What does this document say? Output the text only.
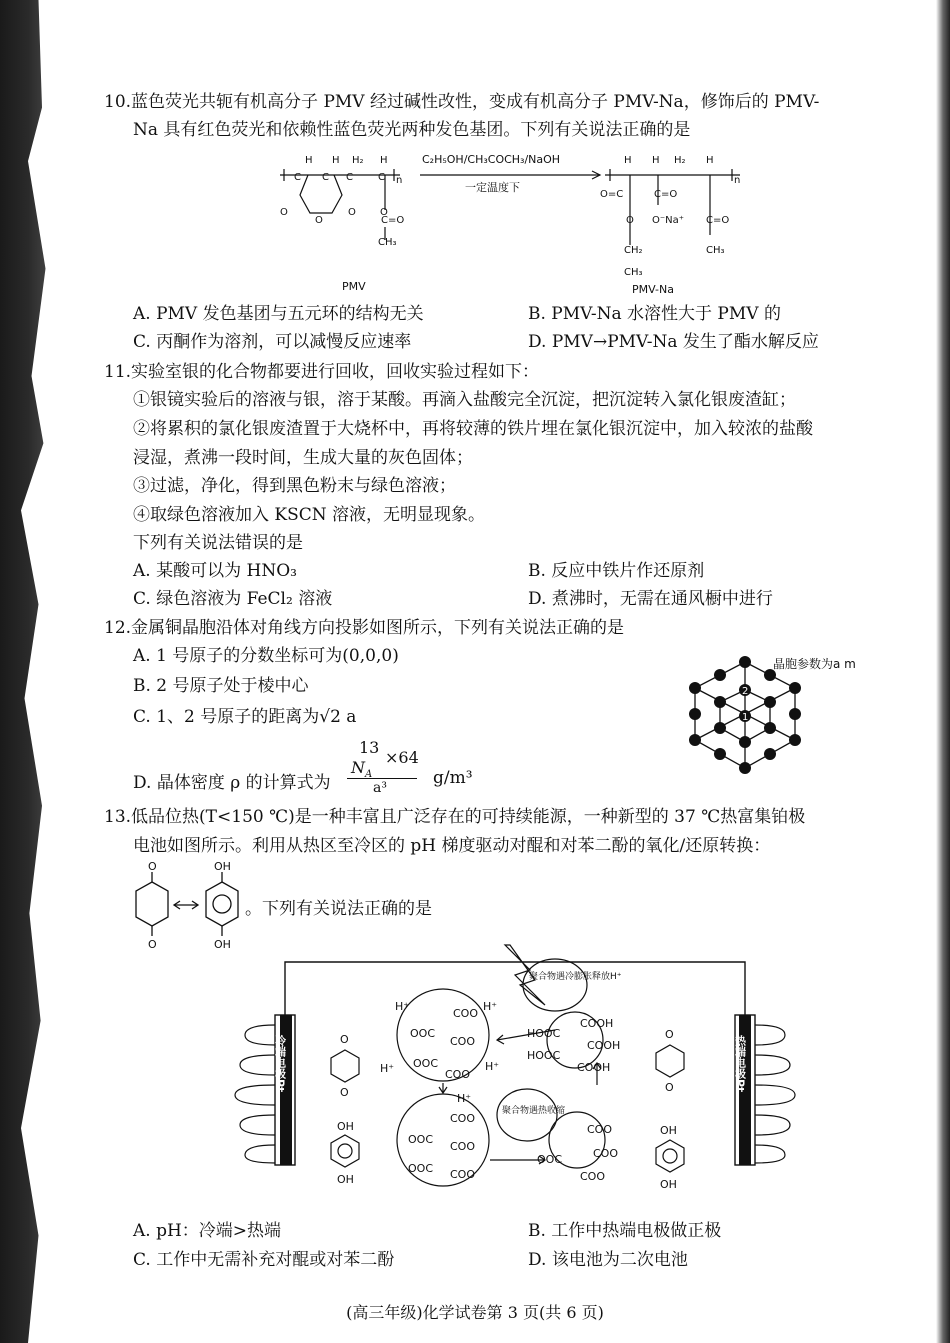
10.蓝色荧光共轭有机高分子 PMV 经过碱性改性，变成有机高分子 PMV-Na，修饰后的 PMV-
Na 具有红色荧光和依赖性蓝色荧光两种发色基团。下列有关说法正确的是
H H H₂ H
C C C	C n
O
O
O O
C=O
CH₃
H H H₂ H
O=C	C=O
O O⁻Na⁺ C=O
CH₂	CH₃
CH₃
n
C₂H₅OH/CH₃COCH₃/NaOH
一定温度下
PMV	PMV-Na
A. PMV 发色基团与五元环的结构无关	B. PMV-Na 水溶性大于 PMV 的
C. 丙酮作为溶剂，可以减慢反应速率	D. PMV→PMV-Na 发生了酯水解反应
11.实验室银的化合物都要进行回收，回收实验过程如下：
①银镜实验后的溶液与银，溶于某酸。再滴入盐酸完全沉淀，把沉淀转入氯化银废渣缸；
②将累积的氯化银废渣置于大烧杯中，再将较薄的铁片埋在氯化银沉淀中，加入较浓的盐酸
浸湿，煮沸一段时间，生成大量的灰色固体；
③过滤，净化，得到黑色粉末与绿色溶液；
④取绿色溶液加入 KSCN 溶液，无明显现象。
下列有关说法错误的是
A. 某酸可以为 HNO₃	B. 反应中铁片作还原剂
C. 绿色溶液为 FeCl₂ 溶液	D. 煮沸时，无需在通风橱中进行
12.金属铜晶胞沿体对角线方向投影如图所示，下列有关说法正确的是
A. 1 号原子的分数坐标可为(0,0,0)
B. 2 号原子处于棱中心
C. 1、2 号原子的距离为√2 a
D. 晶体密度 ρ 的计算式为
13
$N_A$
×64
a³	g/m³
1
2
晶胞参数为a m
13.低品位热(T<150 ℃)是一种丰富且广泛存在的可持续能源，一种新型的 37 ℃热富集铂极
电池如图所示。利用从热区至冷区的 pH 梯度驱动对醌和对苯二酚的氧化/还原转换：
O
O
OH
OH
。下列有关说法正确的是
冷端电极Pt	热端电极Pt
聚合物遇冷膨胀释放H⁺
聚合物遇热收缩
H⁺	H⁺
H⁺	H⁺
H⁺
COO
COO
COO
OOC
OOC
COO
COO
COO
OOC
OOC
COOH
COOH
COOH
HOOC
HOOC
COO
COO
COO
OOC
O
O
O
O
OH
OH
OH
OH
A. pH：冷端>热端	B. 工作中热端电极做正极
C. 工作中无需补充对醌或对苯二酚	D. 该电池为二次电池
(高三年级)化学试卷第 3 页(共 6 页)
